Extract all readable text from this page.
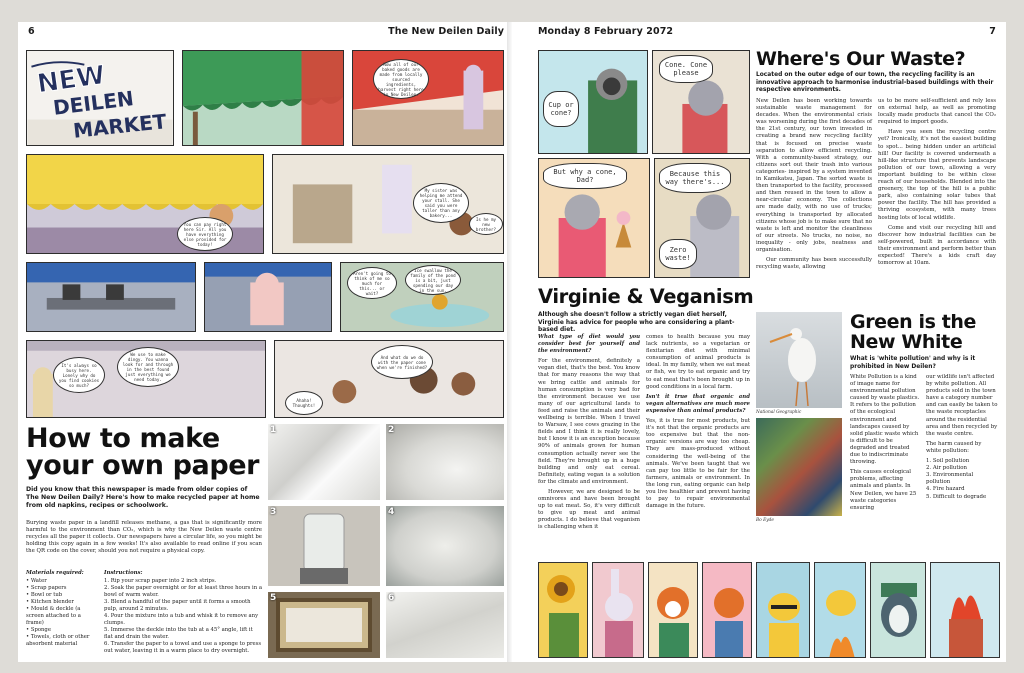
6	The New Deilen Daily
NEW
DEILEN
MARKET
Now all of our baked goods are made from locally sourced ingredients, harvest right here in New Deilen.
You can pay right here Sir. All you have everything else provided for today!
My sister was helping me attend your stall. She said you were taller than any bakery...
Is he my new brother?
Aren't going to think of me so much for this... or wait?
Ice swallow the family of the pond is a bit, just spending our day in the sun.
It's always so busy here. Lonely why do you find cookies so much?
We use to make dingy. You wanna look for and through in the best found just everything we need today.
And what do we do with the paper cone when we're finished?
Ahaha! Thoughts!
How to make
your own paper
Did you know that this newspaper is made from older copies of The New Deilen Daily? Here's how to make recycled paper at home from old napkins, recipes or schoolwork.
Burying waste paper in a landfill releases methane, a gas that is significantly more harmful to the environment than CO₂, which is why the New Deilen waste centre recycles all the paper it collects. Our newspapers have a circular life, so you might be holding this copy again in a few weeks! It's also available to read online if you scan the QR code on the cover, should you not require a physical copy.
Materials required:
• Water
• Scrap papers
• Bowl or tub
• Kitchen blender
• Mould & deckle (a screen attached to a frame)
• Sponge
• Towels, cloth or other absorbent material
Instructions:
1. Rip your scrap paper into 2 inch strips.
2. Soak the paper overnight or for at least three hours in a bowl of warm water.
3. Blend a handful of the paper until it forms a smooth pulp, around 2 minutes.
4. Pour the mixture into a tub and whisk it to remove any clumps.
5. Immerse the deckle into the tub at a 45° angle, lift it flat and drain the water.
6. Transfer the paper to a towel and use a sponge to press out water, leaving it in a warm place to dry overnight.
1	2
3	4
5	6
Monday 8 February 2072	7
Cup or cone?
Cone. Cone please
But why a cone, Dad?
Because this way there's...
Zero waste!
Where's Our Waste?
Located on the outer edge of our town, the recycling facility is an innovative approach to harmonise industrial-based buildings with their respective environments.

New Deilen has been working towards sustainable waste management for decades. When the environmental crisis was worsening during the first decades of the 21st century, our town invested in creating a brand new recycling facility that is focused on precise waste separation to allow efficient recycling. With a community-based strategy, our citizens sort out their trash into various categories- inspired by a system invented in Kamikatsu, Japan. The sorted waste is then transported to the facility, processed and then reused in the town to allow a near-circular economy. The collections are made daily, with no use of trucks; everything is transported by allocated citizens whose job is to make sure that no waste is left and monitor the cleanliness of our streets. No trucks, no noise, no inequality - only jobs, neatness and organisation.

Our community has been successfully recycling waste, allowing

us to be more self-sufficient and rely less on external help, as well as promoting locally made products that cancel the CO₂ required to import goods.

Have you seen the recycling centre yet? Ironically, it's not the easiest building to spot... being hidden under an artificial hill! Our facility is covered underneath a hill-like structure that prevents landscape pollution of our town, allowing a very important building to be within close reach of our households. Blended into the greenery, the top of the hill is a public park, also containing solar tubes that power the facility. The hill has provided a thriving ecosystem, with many trees hosting lots of local wildlife.

Come and visit our recycling hill and discover how industrial facilities can be self-powered, built in accordance with their environment and perform better than expected! There's a kids craft day tomorrow at 10am.

Virginie & Veganism
Although she doesn't follow a strictly vegan diet herself, Virginie has advice for people who are considering a plant-based diet.

What type of diet would you consider best for yourself and the environment?

For the environment, definitely a vegan diet, that's the best. You know that for many reasons the way that we bring cattle and animals for human consumption is very bad for the environment because we use many of our agricultural lands to feed and raise the animals and their wellbeing is terrible. When I travel to Warsaw, I see cows grazing in the fields and I think it is really lovely, but I know it is an exception because 90% of animals grown for human consumption actually never see the field. They're brought up in a huge building and only eat cereal. Definitely, eating vegan is a solution for the climate and environment.

However, we are designed to be omnivores and have been brought up to eat meat. So, it's very difficult to give up meat and animal products. I do believe that veganism is challenging when it

comes to health because you may lack nutrients, so a vegetarian or flexitarian diet with minimal consumption of animal products is ideal. In my family, when we eat meat or fish, we try to eat organic and try to eat meat that's been brought up in good conditions in a local farm.

Isn't it true that organic and vegan alternatives are much more expensive than animal products?

Yes, it is true for most products, but it's not that the organic products are too expensive but that the non-organic versions are way too cheap. They are mass-produced without considering the well-being of the animals. We've been taught that we can pay too little to be fair for the farmers, animals or environment. In the long run, eating organic can help you live healthier and prevent having to pay to repair environmental damage in the future.

National Geographic
Bo Eyde
Green is the
New White
What is 'white pollution' and why is it prohibited in New Deilen?

White Pollution is a kind of image name for environmental pollution caused by waste plastics. It refers to the pollution of the ecological environment and landscapes caused by solid plastic waste which is difficult to be degraded and treated due to indiscriminate throwing.

This causes ecological problems, affecting animals and plants. In New Deilen, we have 25 waste categories ensuring

our wildlife isn't affected by white pollution. All products sold in the town have a category number and can easily be taken to the waste receptacles around the residential area and then recycled by the waste centre.

The harm caused by white pollution:

1. Soil pollution
2. Air pollution
3. Environmental pollution
4. Fire hazard
5. Difficult to degrade
